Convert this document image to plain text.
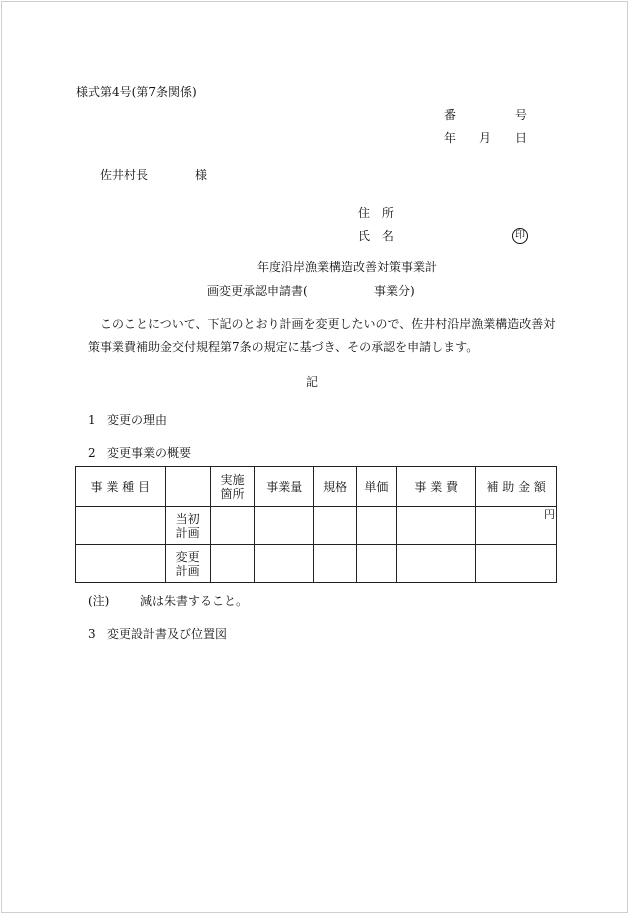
様式第4号(第7条関係)
番	号
年 月 日
佐井村長	様
住 所
氏 名	印
年度沿岸漁業構造改善対策事業計
画変更承認申請書(	事業分)
このことについて、下記のとおり計画を変更したいので、佐井村沿岸漁業構造改善対
策事業費補助金交付規程第7条の規定に基づき、その承認を申請します。
記
1 変更の理由
2 変更事業の概要
事 業 種 目		実施
箇所	事業量	規格	単価	事 業 費	補 助 金 額

	当初
計画						円

	変更
計画						

(注)	減は朱書すること。
3 変更設計書及び位置図
